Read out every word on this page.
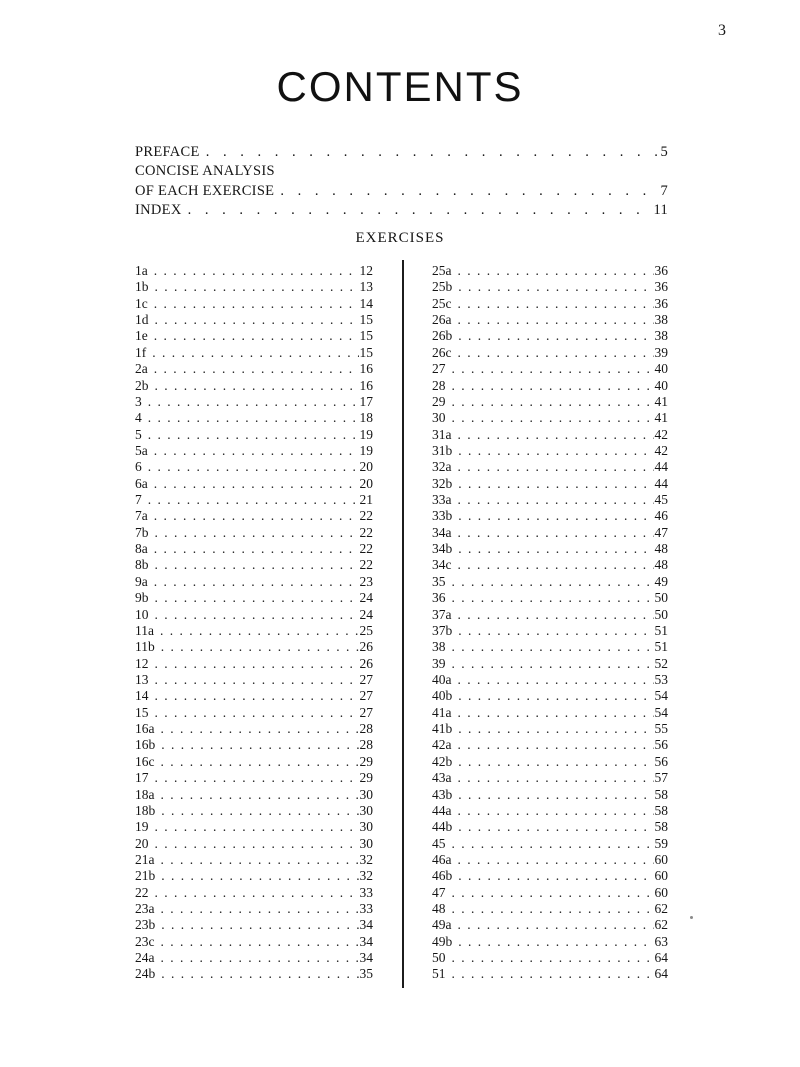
3
CONTENTS
PREFACE . . .	5
CONCISE ANALYSIS
OF EACH EXERCISE . . .	7
INDEX . . .	11
EXERCISES
1a . . .	12
1b . . .	13
1c . . .	14
1d . . .	15
1e . . .	15
1f . . .	15
2a . . .	16
2b . . .	16
3 . . .	17
4 . . .	18
5 . . .	19
5a . . .	19
6 . . .	20
6a . . .	20
7 . . .	21
7a . . .	22
7b . . .	22
8a . . .	22
8b . . .	22
9a . . .	23
9b . . .	24
10 . . .	24
11a . . .	25
11b . . .	26
12 . . .	26
13 . . .	27
14 . . .	27
15 . . .	27
16a . . .	28
16b . . .	28
16c . . .	29
17 . . .	29
18a . . .	30
18b . . .	30
19 . . .	30
20 . . .	30
21a . . .	32
21b . . .	32
22 . . .	33
23a . . .	33
23b . . .	34
23c . . .	34
24a . . .	34
24b . . .	35
25a . . .	36
25b . . .	36
25c . . .	36
26a . . .	38
26b . . .	38
26c . . .	39
27 . . .	40
28 . . .	40
29 . . .	41
30 . . .	41
31a . . .	42
31b . . .	42
32a . . .	44
32b . . .	44
33a . . .	45
33b . . .	46
34a . . .	47
34b . . .	48
34c . . .	48
35 . . .	49
36 . . .	50
37a . . .	50
37b . . .	51
38 . . .	51
39 . . .	52
40a . . .	53
40b . . .	54
41a . . .	54
41b . . .	55
42a . . .	56
42b . . .	56
43a . . .	57
43b . . .	58
44a . . .	58
44b . . .	58
45 . . .	59
46a . . .	60
46b . . .	60
47 . . .	60
48 . . .	62
49a . . .	62
49b . . .	63
50 . . .	64
51 . . .	64
